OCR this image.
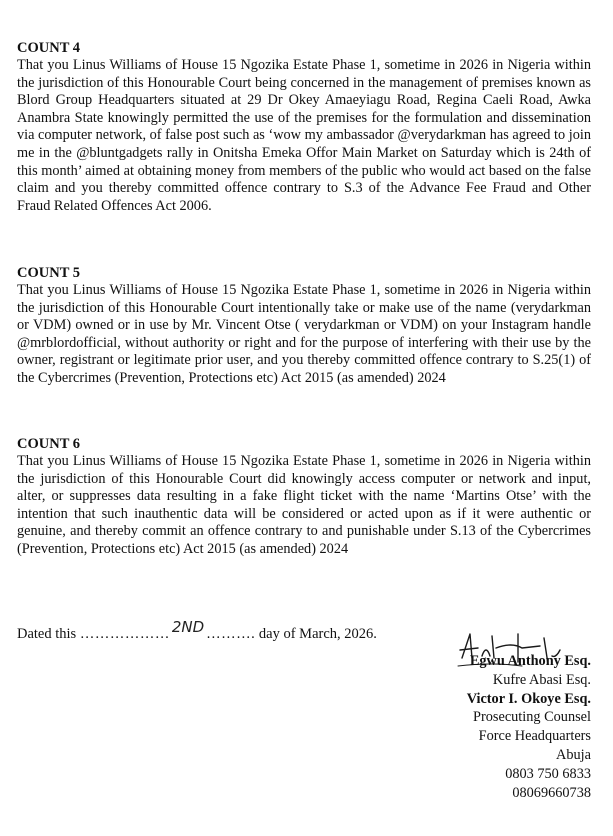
COUNT 4

That you Linus Williams of House 15 Ngozika Estate Phase 1, sometime in 2026 in Nigeria within the jurisdiction of this Honourable Court being concerned in the management of premises known as Blord Group Headquarters situated at 29 Dr Okey Amaeyiagu Road, Regina Caeli Road, Awka Anambra State knowingly permitted the use of the premises for the formulation and dissemination via computer network, of false post such as ‘wow my ambassador @verydarkman has agreed to join me in the @bluntgadgets rally in Onitsha Emeka Offor Main Market on Saturday which is 24th of this month’ aimed at obtaining money from members of the public who would act based on the false claim and you thereby committed offence contrary to S.3 of the Advance Fee Fraud and Other Fraud Related Offences Act 2006.

COUNT 5

That you Linus Williams of House 15 Ngozika Estate Phase 1, sometime in 2026 in Nigeria within the jurisdiction of this Honourable Court intentionally take or make use of the name (verydarkman or VDM) owned or in use by Mr. Vincent Otse ( verydarkman or VDM) on your Instagram handle @mrblordofficial, without authority or right and for the purpose of interfering with their use by the owner, registrant or legitimate prior user, and you thereby committed offence contrary to S.25(1) of the Cybercrimes (Prevention, Protections etc) Act 2015 (as amended) 2024

COUNT 6

That you Linus Williams of House 15 Ngozika Estate Phase 1, sometime in 2026 in Nigeria within the jurisdiction of this Honourable Court did knowingly access computer or network and input, alter, or suppresses data resulting in a fake flight ticket with the name ‘Martins Otse’ with the intention that such inauthentic data will be considered or acted upon as if it were authentic or genuine, and thereby commit an offence contrary to and punishable under S.13 of the Cybercrimes (Prevention, Protections etc) Act 2015 (as amended) 2024

Dated this ……………… 2ND ………. day of March, 2026.
Egwu Anthony Esq.
Kufre Abasi Esq.
Victor I. Okoye Esq.
Prosecuting Counsel
Force Headquarters
Abuja
0803 750 6833
08069660738
